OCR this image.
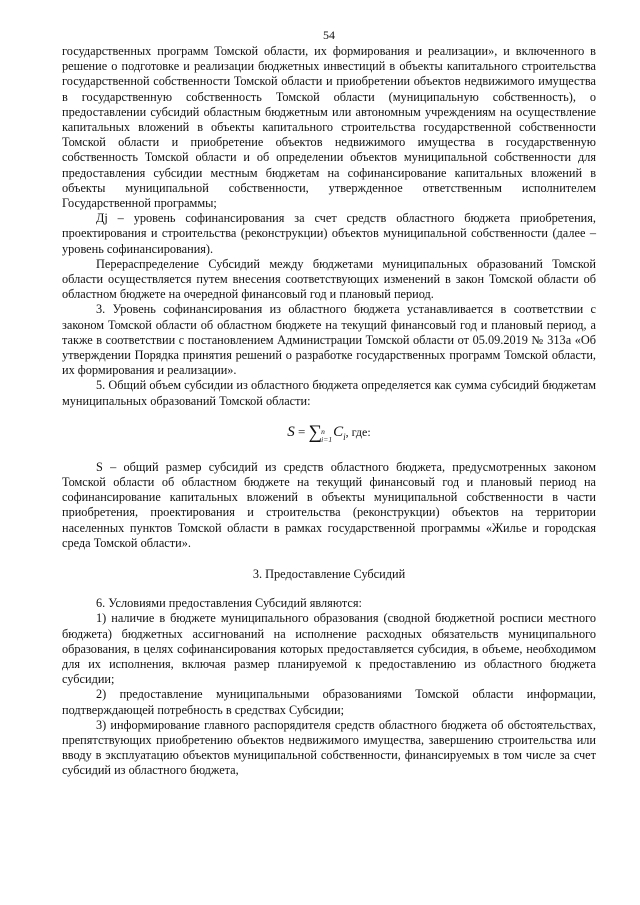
54

государственных программ Томской области, их формирования и реализации», и включенного в решение о подготовке и реализации бюджетных инвестиций в объекты капитального строительства государственной собственности Томской области и приобретении объектов недвижимого имущества в государственную собственность Томской области (муниципальную собственность), о предоставлении субсидий областным бюджетным или автономным учреждениям на осуществление капитальных вложений в объекты капитального строительства государственной собственности Томской области и приобретение объектов недвижимого имущества в государственную собственность Томской области и об определении объектов муниципальной собственности для предоставления субсидии местным бюджетам на софинансирование капитальных вложений в объекты муниципальной собственности, утвержденное ответственным исполнителем Государственной программы;

Дj – уровень софинансирования за счет средств областного бюджета приобретения, проектирования и строительства (реконструкции) объектов муниципальной собственности (далее – уровень софинансирования).

Перераспределение Субсидий между бюджетами муниципальных образований Томской области осуществляется путем внесения соответствующих изменений в закон Томской области об областном бюджете на очередной финансовый год и плановый период.

3. Уровень софинансирования из областного бюджета устанавливается в соответствии с законом Томской области об областном бюджете на текущий финансовый год и плановый период, а также в соответствии с постановлением Администрации Томской области от 05.09.2019 № 313а «Об утверждении Порядка принятия решений о разработке государственных программ Томской области, их формирования и реализации».

5. Общий объем субсидии из областного бюджета определяется как сумма субсидий бюджетам муниципальных образований Томской области:

S = ∑ n
i=1 $C_i$, где:

S – общий размер субсидий из средств областного бюджета, предусмотренных законом Томской области об областном бюджете на текущий финансовый год и плановый период на софинансирование капитальных вложений в объекты муниципальной собственности в части приобретения, проектирования и строительства (реконструкции) объектов на территории населенных пунктов Томской области в рамках государственной программы «Жилье и городская среда Томской области».

3. Предоставление Субсидий

6. Условиями предоставления Субсидий являются:

1) наличие в бюджете муниципального образования (сводной бюджетной росписи местного бюджета) бюджетных ассигнований на исполнение расходных обязательств муниципального образования, в целях софинансирования которых предоставляется субсидия, в объеме, необходимом для их исполнения, включая размер планируемой к предоставлению из областного бюджета субсидии;

2) предоставление муниципальными образованиями Томской области информации, подтверждающей потребность в средствах Субсидии;

3) информирование главного распорядителя средств областного бюджета об обстоятельствах, препятствующих приобретению объектов недвижимого имущества, завершению строительства или вводу в эксплуатацию объектов муниципальной собственности, финансируемых в том числе за счет субсидий из областного бюджета,
